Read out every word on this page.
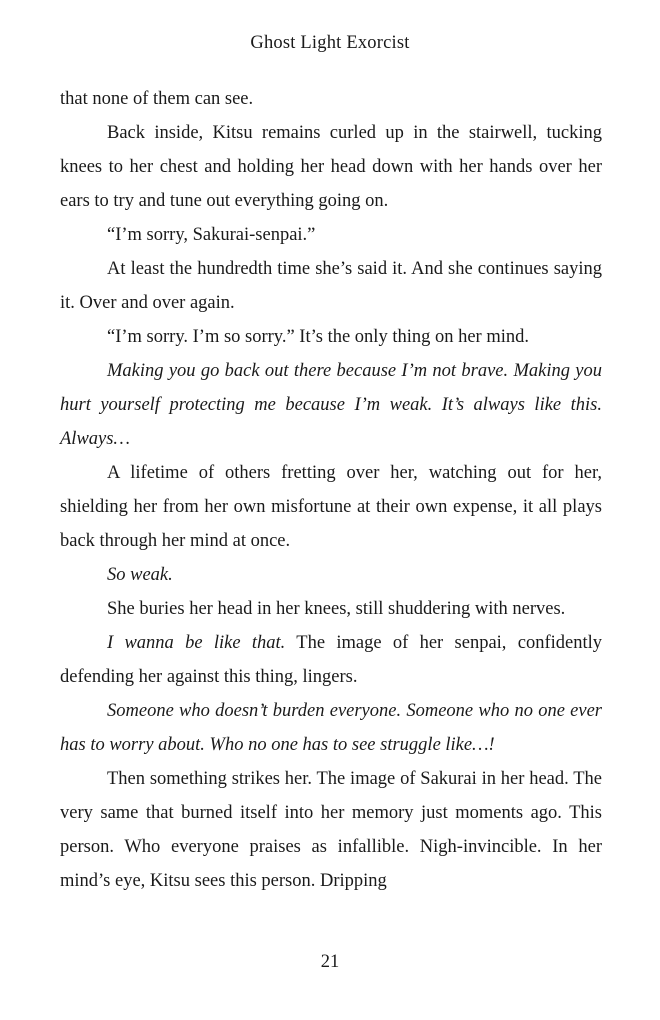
Ghost Light Exorcist

that none of them can see.

Back inside, Kitsu remains curled up in the stairwell, tucking knees to her chest and holding her head down with her hands over her ears to try and tune out everything going on.

“I’m sorry, Sakurai-senpai.”

At least the hundredth time she’s said it. And she continues saying it. Over and over again.

“I’m sorry. I’m so sorry.” It’s the only thing on her mind.

Making you go back out there because I’m not brave. Making you hurt yourself protecting me because I’m weak. It’s always like this. Always…

A lifetime of others fretting over her, watching out for her, shielding her from her own misfortune at their own expense, it all plays back through her mind at once.

So weak.

She buries her head in her knees, still shuddering with nerves.

I wanna be like that. The image of her senpai, confidently defending her against this thing, lingers.

Someone who doesn’t burden everyone. Someone who no one ever has to worry about. Who no one has to see struggle like…!

Then something strikes her. The image of Sakurai in her head. The very same that burned itself into her memory just moments ago. This person. Who everyone praises as infallible. Nigh-invincible. In her mind’s eye, Kitsu sees this person. Dripping

21
